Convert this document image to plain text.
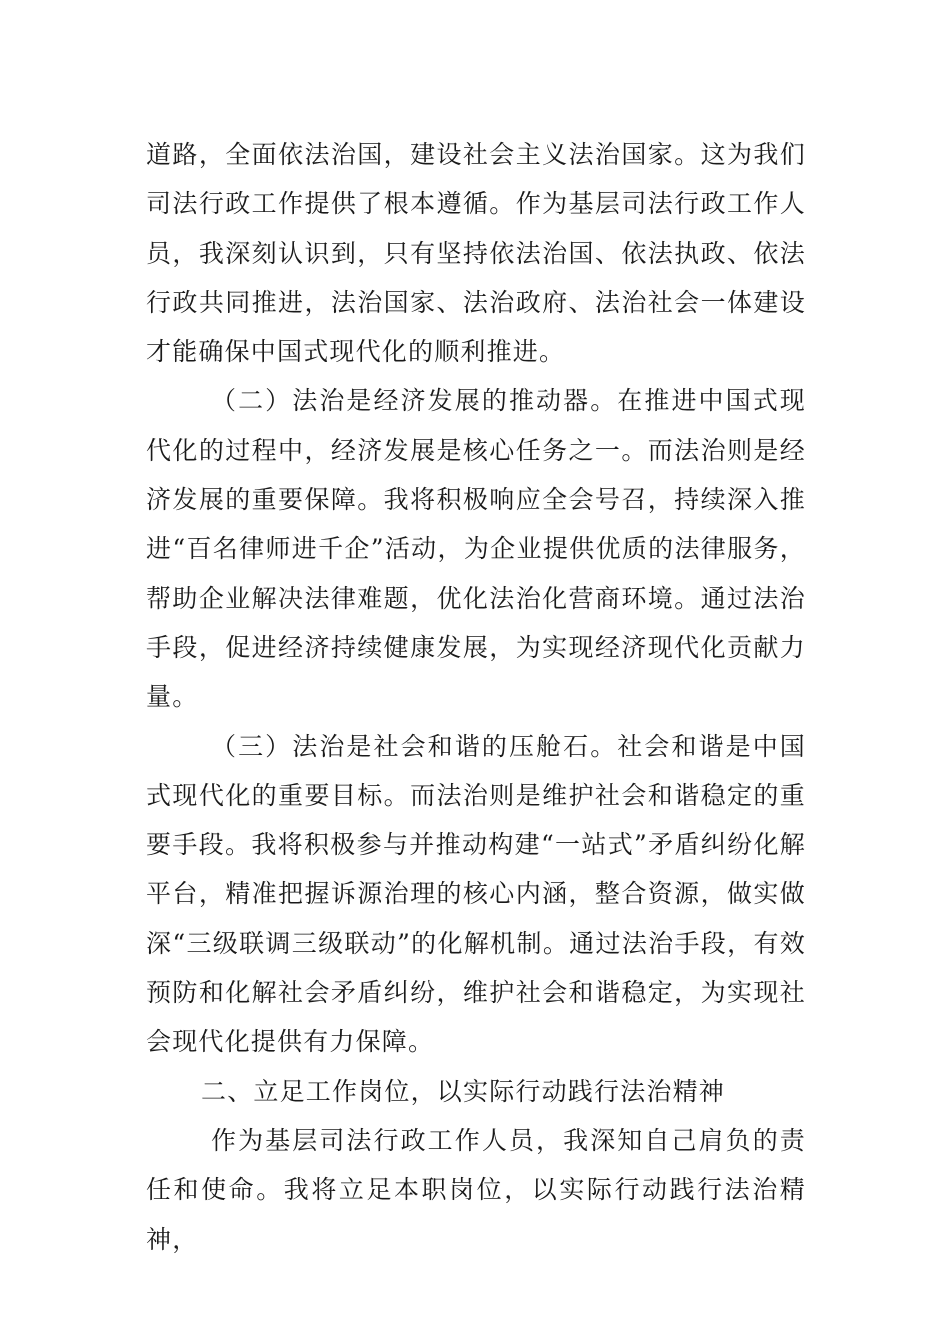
道路，全面依法治国，建设社会主义法治国家。这为我们司法行政工作提供了根本遵循。作为基层司法行政工作人员，我深刻认识到，只有坚持依法治国、依法执政、依法行政共同推进，法治国家、法治政府、法治社会一体建设才能确保中国式现代化的顺利推进。

（二）法治是经济发展的推动器。在推进中国式现代化的过程中，经济发展是核心任务之一。而法治则是经济发展的重要保障。我将积极响应全会号召，持续深入推进“百名律师进千企”活动，为企业提供优质的法律服务，帮助企业解决法律难题，优化法治化营商环境。通过法治手段，促进经济持续健康发展，为实现经济现代化贡献力量。

（三）法治是社会和谐的压舱石。社会和谐是中国式现代化的重要目标。而法治则是维护社会和谐稳定的重要手段。我将积极参与并推动构建“一站式”矛盾纠纷化解平台，精准把握诉源治理的核心内涵，整合资源，做实做深“三级联调三级联动”的化解机制。通过法治手段，有效预防和化解社会矛盾纠纷，维护社会和谐稳定，为实现社会现代化提供有力保障。

二、立足工作岗位，以实际行动践行法治精神

作为基层司法行政工作人员，我深知自己肩负的责任和使命。我将立足本职岗位，以实际行动践行法治精神，
